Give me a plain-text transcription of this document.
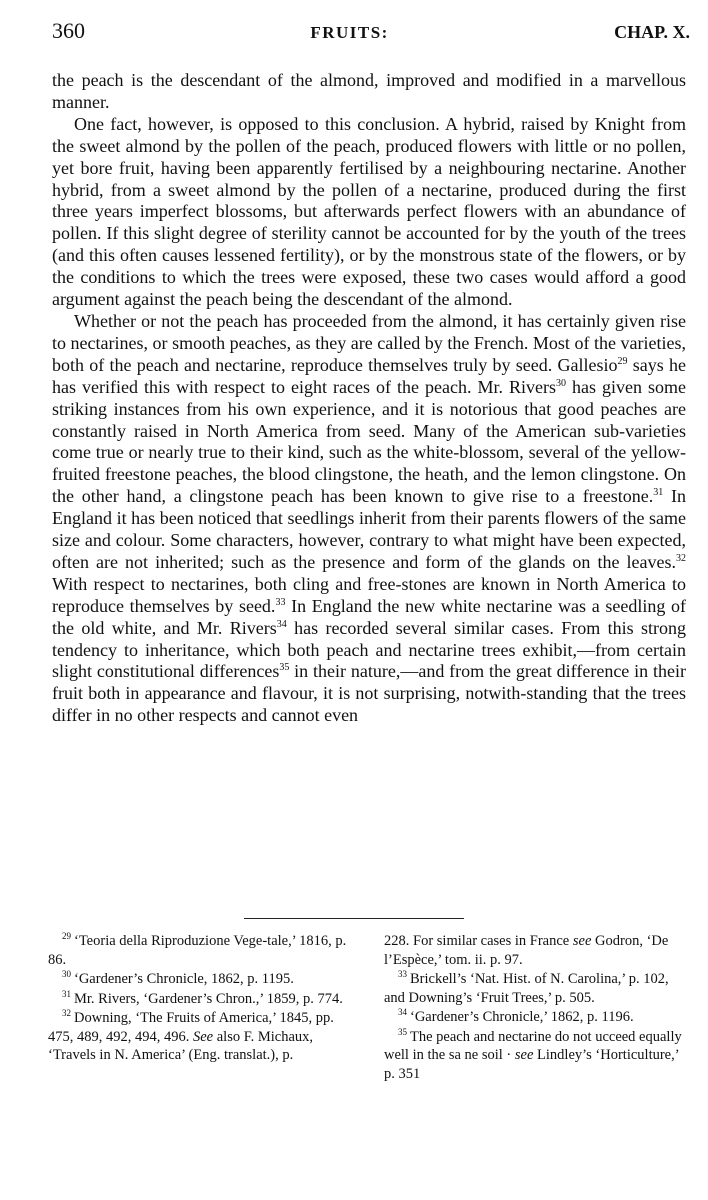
360	FRUITS:	CHAP. X.

the peach is the descendant of the almond, improved and modified in a marvellous manner.

One fact, however, is opposed to this conclusion. A hybrid, raised by Knight from the sweet almond by the pollen of the peach, produced flowers with little or no pollen, yet bore fruit, having been apparently fertilised by a neighbouring nectarine. Another hybrid, from a sweet almond by the pollen of a nectarine, produced during the first three years imperfect blossoms, but afterwards perfect flowers with an abundance of pollen. If this slight degree of sterility cannot be accounted for by the youth of the trees (and this often causes lessened fertility), or by the monstrous state of the flowers, or by the conditions to which the trees were exposed, these two cases would afford a good argument against the peach being the descendant of the almond.

Whether or not the peach has proceeded from the almond, it has certainly given rise to nectarines, or smooth peaches, as they are called by the French. Most of the varieties, both of the peach and nectarine, reproduce themselves truly by seed. Gallesio$^{29}$ says he has verified this with respect to eight races of the peach. Mr. Rivers$^{30}$ has given some striking instances from his own experience, and it is notorious that good peaches are constantly raised in North America from seed. Many of the American sub-varieties come true or nearly true to their kind, such as the white-blossom, several of the yellow-fruited freestone peaches, the blood clingstone, the heath, and the lemon clingstone. On the other hand, a clingstone peach has been known to give rise to a freestone.$^{31}$ In England it has been noticed that seedlings inherit from their parents flowers of the same size and colour. Some characters, however, contrary to what might have been expected, often are not inherited; such as the presence and form of the glands on the leaves.$^{32}$ With respect to nectarines, both cling and free-stones are known in North America to reproduce themselves by seed.$^{33}$ In England the new white nectarine was a seedling of the old white, and Mr. Rivers$^{34}$ has recorded several similar cases. From this strong tendency to inheritance, which both peach and nectarine trees exhibit,—from certain slight constitutional differences$^{35}$ in their nature,—and from the great difference in their fruit both in appearance and flavour, it is not surprising, notwith-standing that the trees differ in no other respects and cannot even

$^{29}$ ‘Teoria della Riproduzione Vege-tale,’ 1816, p. 86.

$^{30}$ ‘Gardener’s Chronicle, 1862, p. 1195.

$^{31}$ Mr. Rivers, ‘Gardener’s Chron.,’ 1859, p. 774.

$^{32}$ Downing, ‘The Fruits of America,’ 1845, pp. 475, 489, 492, 494, 496. See also F. Michaux, ‘Travels in N. America’ (Eng. translat.), p.

228. For similar cases in France see Godron, ‘De l’Espèce,’ tom. ii. p. 97.

$^{33}$ Brickell’s ‘Nat. Hist. of N. Carolina,’ p. 102, and Downing’s ‘Fruit Trees,’ p. 505.

$^{34}$ ‘Gardener’s Chronicle,’ 1862, p. 1196.

$^{35}$ The peach and nectarine do not ucceed equally well in the sa ne soil · see Lindley’s ‘Horticulture,’ p. 351
